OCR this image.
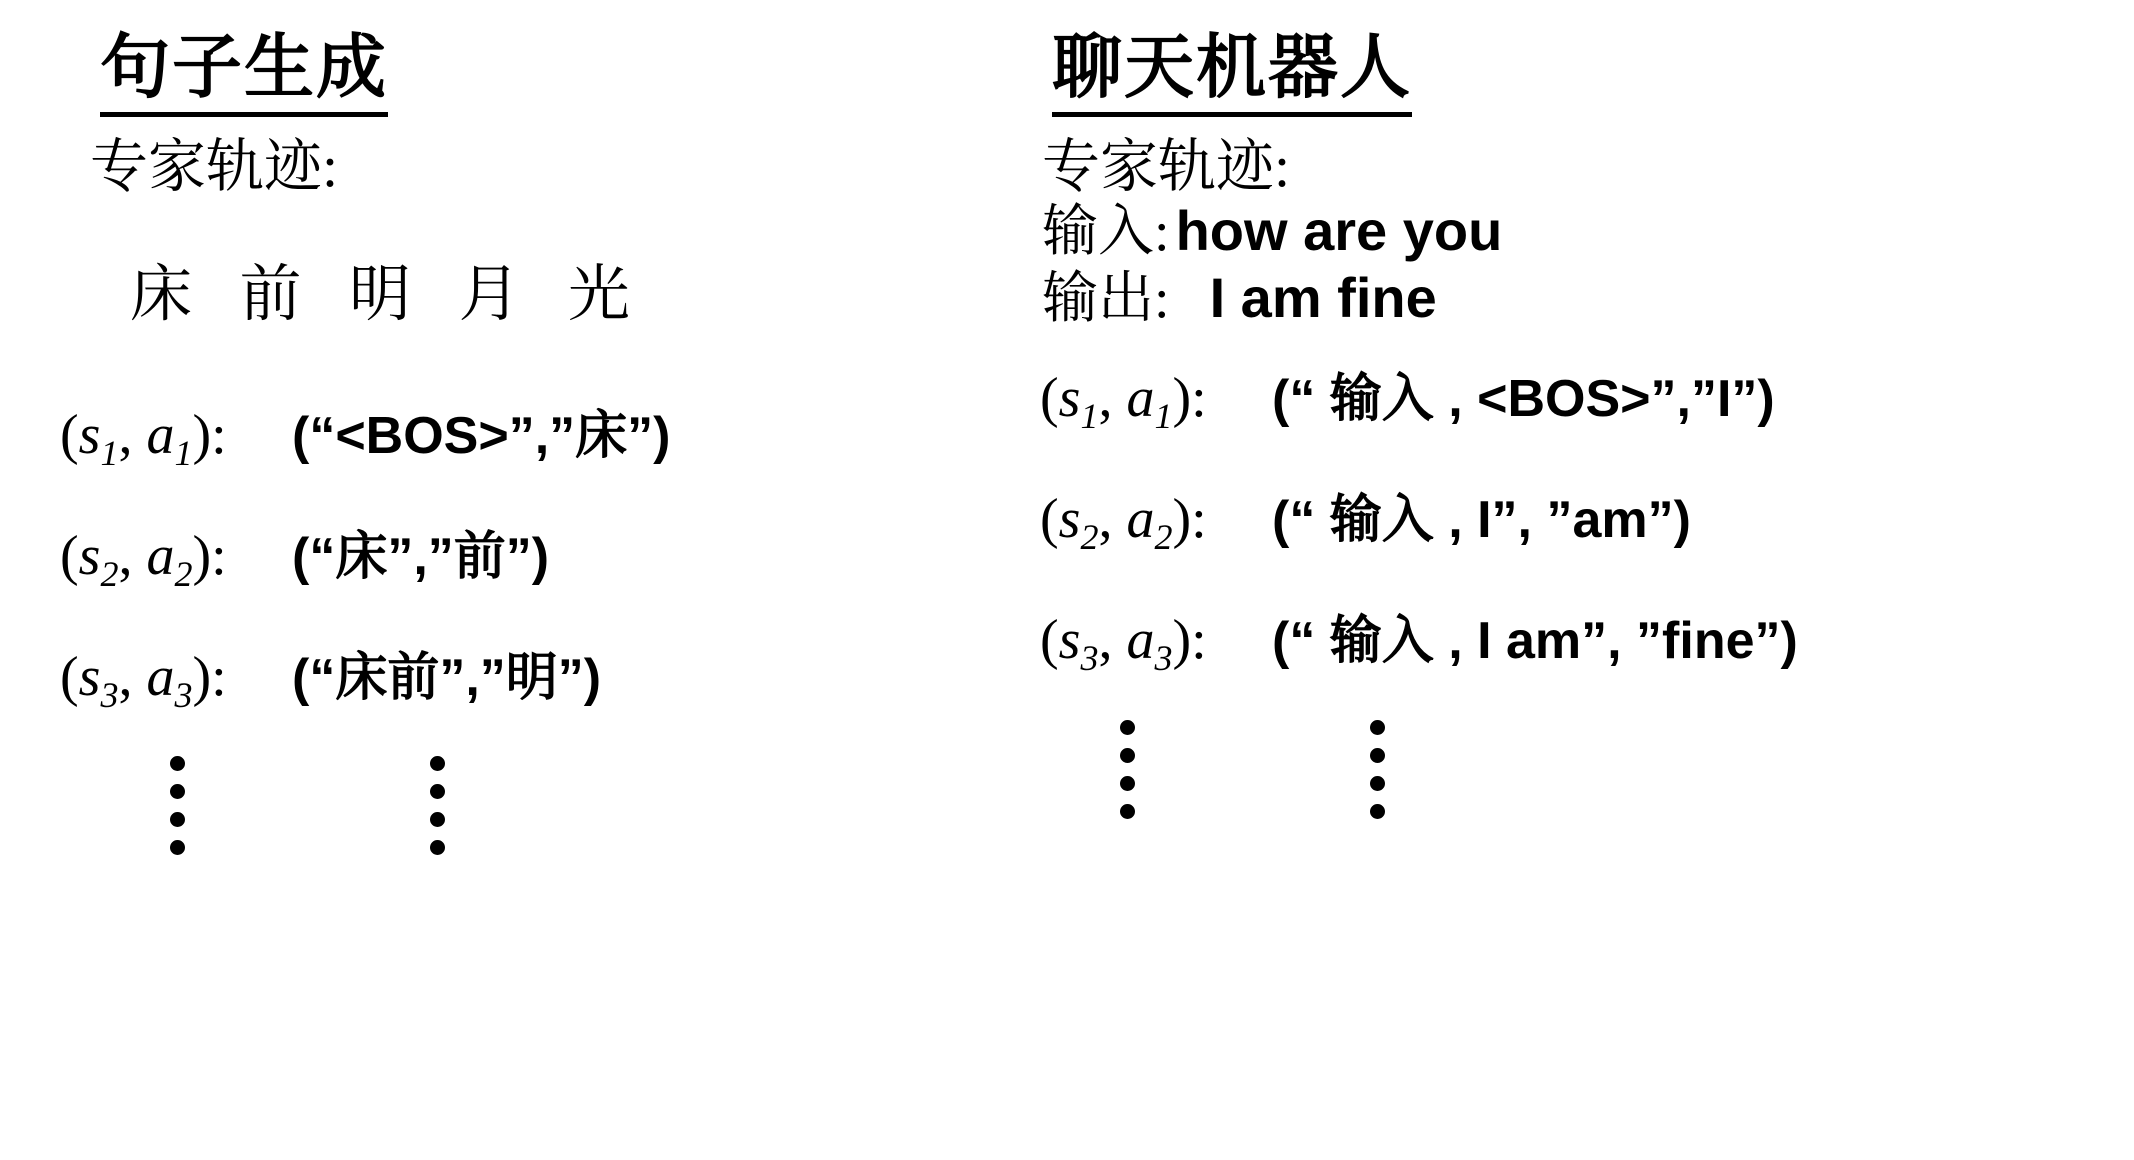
句子生成
专家轨迹:
床 前 明 月 光
($s_1$, $a_1$):	(“<BOS>”,”床”)
($s_2$, $a_2$):	(“床”,”前”)
($s_3$, $a_3$):	(“床前”,”明”)
聊天机器人
专家轨迹:
输入: how are you
输出: I am fine
($s_1$, $a_1$):	(“ 输入 , <BOS>”,”I”)
($s_2$, $a_2$):	(“ 输入 , I”, ”am”)
($s_3$, $a_3$):	(“ 输入 , I am”, ”fine”)
